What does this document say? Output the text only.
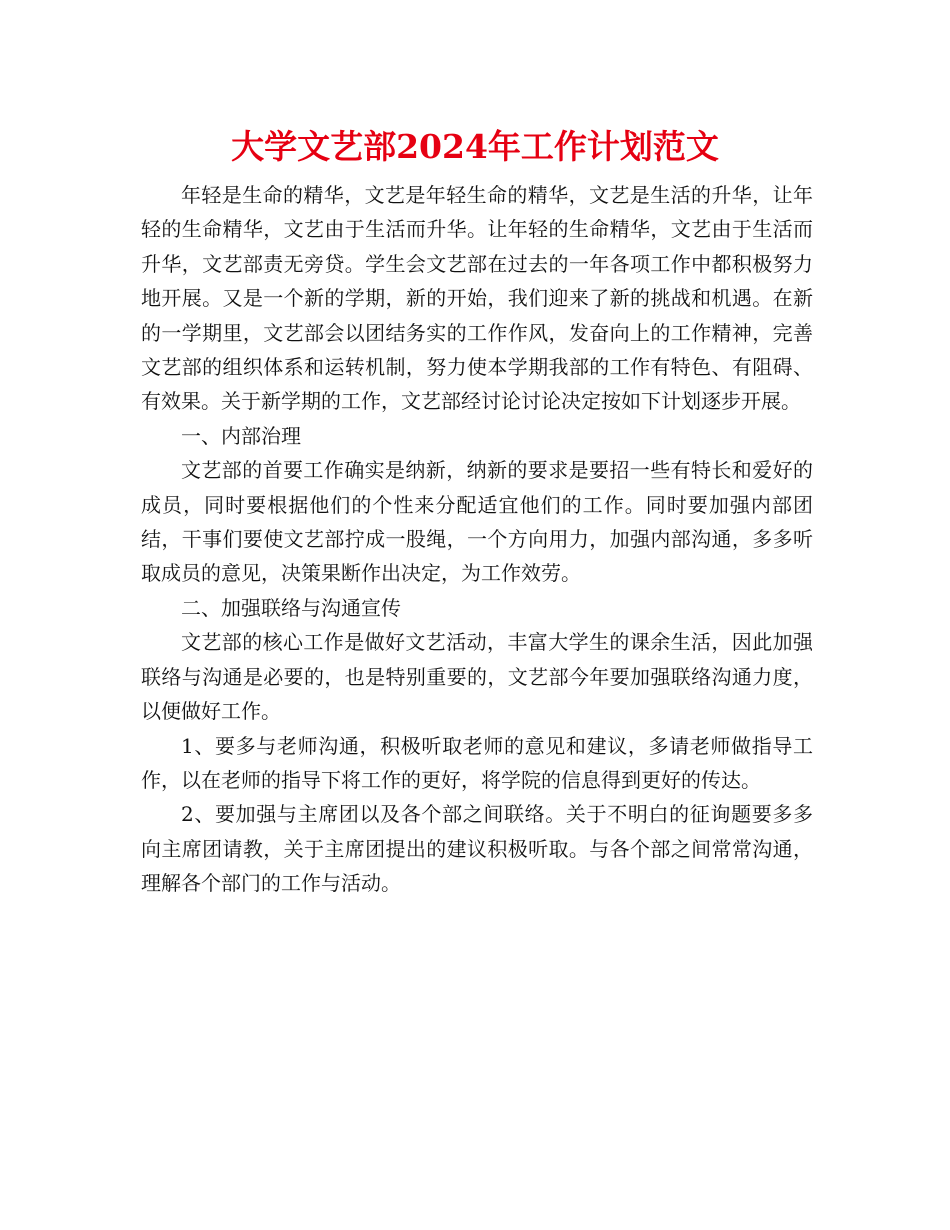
大学文艺部2024年工作计划范文

年轻是生命的精华，文艺是年轻生命的精华，文艺是生活的升华，让年轻的生命精华，文艺由于生活而升华。让年轻的生命精华，文艺由于生活而升华，文艺部责无旁贷。学生会文艺部在过去的一年各项工作中都积极努力地开展。又是一个新的学期，新的开始，我们迎来了新的挑战和机遇。在新的一学期里，文艺部会以团结务实的工作作风，发奋向上的工作精神，完善文艺部的组织体系和运转机制，努力使本学期我部的工作有特色、有阻碍、有效果。关于新学期的工作，文艺部经讨论讨论决定按如下计划逐步开展。

一、内部治理

文艺部的首要工作确实是纳新，纳新的要求是要招一些有特长和爱好的成员，同时要根据他们的个性来分配适宜他们的工作。同时要加强内部团结，干事们要使文艺部拧成一股绳，一个方向用力，加强内部沟通，多多听取成员的意见，决策果断作出决定，为工作效劳。

二、加强联络与沟通宣传

文艺部的核心工作是做好文艺活动，丰富大学生的课余生活，因此加强联络与沟通是必要的，也是特别重要的，文艺部今年要加强联络沟通力度，以便做好工作。

1、要多与老师沟通，积极听取老师的意见和建议，多请老师做指导工作，以在老师的指导下将工作的更好，将学院的信息得到更好的传达。

2、要加强与主席团以及各个部之间联络。关于不明白的征询题要多多向主席团请教，关于主席团提出的建议积极听取。与各个部之间常常沟通，理解各个部门的工作与活动。
